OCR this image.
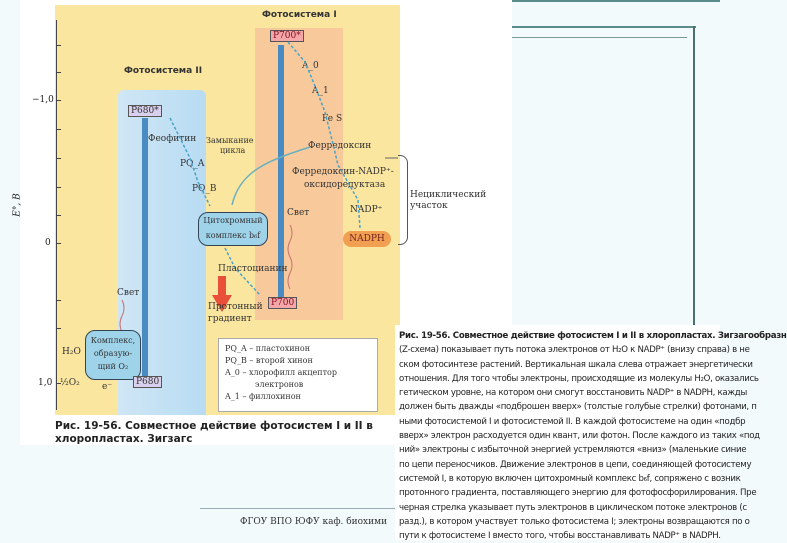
−1,0
0
1,0
E°, B
Фотосистема II
Фотосистема I
P700*
P680*
Феофитин
PQ_A
PQ_B
A_0
A_1
Fe S
Ферредоксин
Ферредоксин-NADP⁺-
оксидоредуктаза
NADP⁺
NADPH
Замыкание
цикла
Цитохромный
комплекс b₆f
Свет
Свет
Пластоцианин
Протонный
градиент
P700
Комплекс,
образую-
щий O₂
H₂O
½O₂ e⁻	P680
Нециклический
участок
PQ_A – пластохинон
PQ_B – второй хинон
A_0 – хлорофилл акцептор
электронов
A_1 – филлохинон
Рис. 19-56. Совместное действие фотосистем I и II в хлоропластах. Зигзагс

Рис. 19-56. Совместное действие фотосистем I и II в хлоропластах. Зигзагообразн

(Z-схема) показывает путь потока электронов от H₂O к NADP⁺ (внизу справа) в не

ском фотосинтезе растений. Вертикальная шкала слева отражает энергетически

отношения. Для того чтобы электроны, происходящие из молекулы H₂O, оказались

гетическом уровне, на котором они смогут восстановить NADP⁺ в NADPH, кажды

должен быть дважды «подброшен вверх» (толстые голубые стрелки) фотонами, п

ными фотосистемой I и фотосистемой II. В каждой фотосистеме на один «подбр

вверх» электрон расходуется один квант, или фотон. После каждого из таких «под

ний» электроны с избыточной энергией устремляются «вниз» (маленькие синие

по цепи переносчиков. Движение электронов в цепи, соединяющей фотосистему

системой I, в которую включен цитохромный комплекс b₆f, сопряжено с возник

протонного градиента, поставляющего энергию для фотофосфорилирования. Пре

черная стрелка указывает путь электронов в циклическом потоке электронов (с

разд.), в котором участвует только фотосистема I; электроны возвращаются по о

пути к фотосистеме I вместо того, чтобы восстанавливать NADP⁺ в NADPH.

ФГОУ ВПО ЮФУ каф. биохими
